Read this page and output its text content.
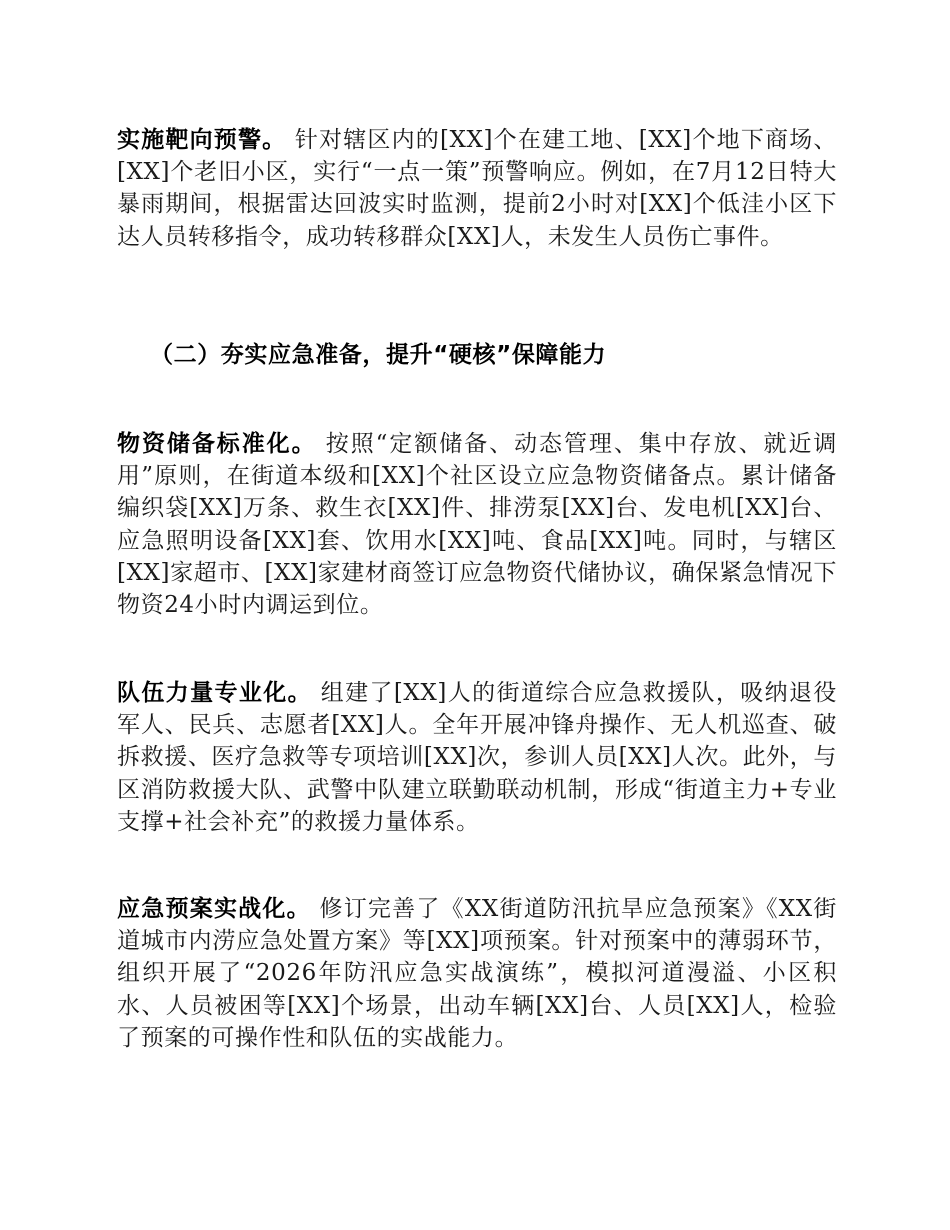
实施靶向预警。 针对辖区内的[XX]个在建工地、[XX]个地下商场、[XX]个老旧小区，实行“一点一策”预警响应。例如，在7月12日特大暴雨期间，根据雷达回波实时监测，提前2小时对[XX]个低洼小区下达人员转移指令，成功转移群众[XX]人，未发生人员伤亡事件。

（二）夯实应急准备，提升“硬核”保障能力

物资储备标准化。 按照“定额储备、动态管理、集中存放、就近调用”原则，在街道本级和[XX]个社区设立应急物资储备点。累计储备编织袋[XX]万条、救生衣[XX]件、排涝泵[XX]台、发电机[XX]台、应急照明设备[XX]套、饮用水[XX]吨、食品[XX]吨。同时，与辖区[XX]家超市、[XX]家建材商签订应急物资代储协议，确保紧急情况下物资24小时内调运到位。

队伍力量专业化。 组建了[XX]人的街道综合应急救援队，吸纳退役军人、民兵、志愿者[XX]人。全年开展冲锋舟操作、无人机巡查、破拆救援、医疗急救等专项培训[XX]次，参训人员[XX]人次。此外，与区消防救援大队、武警中队建立联勤联动机制，形成“街道主力+专业支撑+社会补充”的救援力量体系。

应急预案实战化。 修订完善了《XX街道防汛抗旱应急预案》《XX街道城市内涝应急处置方案》等[XX]项预案。针对预案中的薄弱环节，组织开展了“2026年防汛应急实战演练”，模拟河道漫溢、小区积水、人员被困等[XX]个场景，出动车辆[XX]台、人员[XX]人，检验了预案的可操作性和队伍的实战能力。
